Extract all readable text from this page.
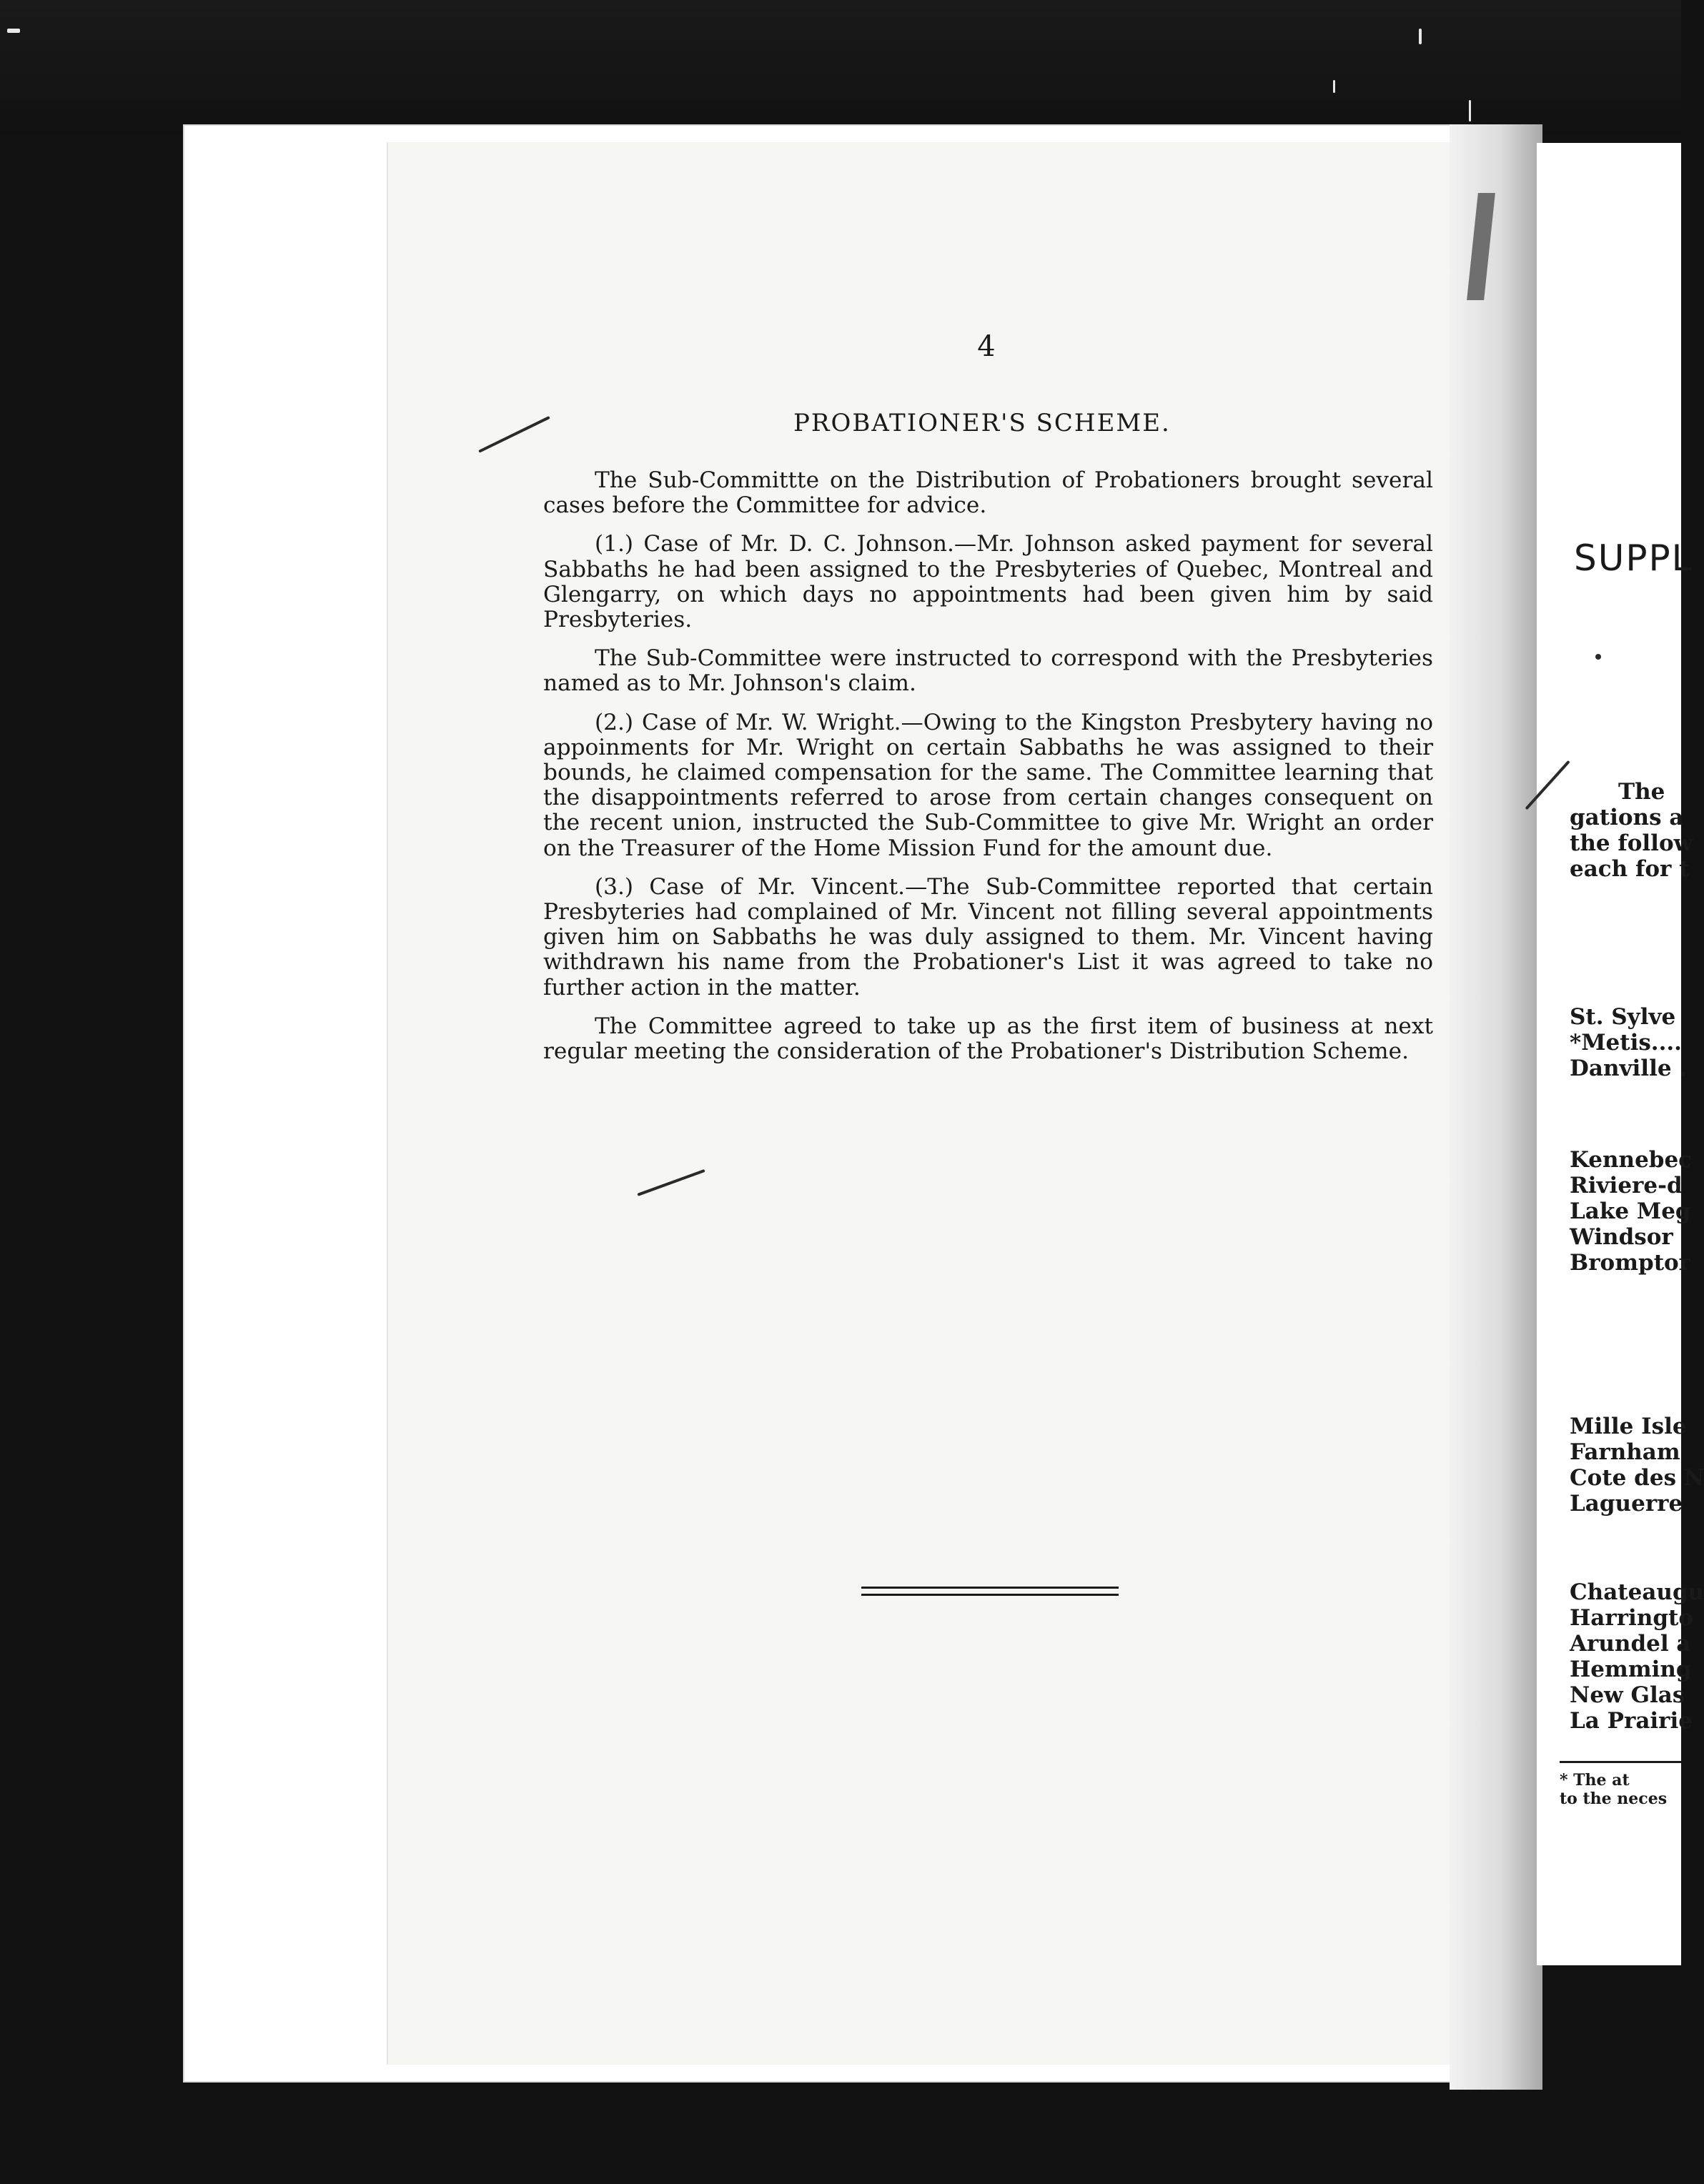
4
PROBATIONER'S SCHEME.

The Sub-Committte on the Distribution of Probationers brought several cases before the Committee for advice.

(1.) Case of Mr. D. C. Johnson.—Mr. Johnson asked payment for several Sabbaths he had been assigned to the Presbyteries of Quebec, Montreal and Glengarry, on which days no appointments had been given him by said Presbyteries.

The Sub-Committee were instructed to correspond with the Presbyteries named as to Mr. Johnson's claim.

(2.) Case of Mr. W. Wright.—Owing to the Kingston Presbytery having no appoinments for Mr. Wright on certain Sabbaths he was assigned to their bounds, he claimed compensation for the same. The Committee learning that the disappointments referred to arose from certain changes consequent on the recent union, instructed the Sub-Committee to give Mr. Wright an order on the Treasurer of the Home Mission Fund for the amount due.

(3.) Case of Mr. Vincent.—The Sub-Committee reported that certain Presbyteries had complained of Mr. Vincent not filling several appointments given him on Sabbaths he was duly assigned to them. Mr. Vincent having withdrawn his name from the Probationer's List it was agreed to take no further action in the matter.

The Committee agreed to take up as the first item of business at next regular meeting the consideration of the Probationer's Distribution Scheme.

SUPPL
The
gations a
the follow
each for t
St. Sylve
*Metis....
Danville .
Kennebec
Riviere-d
Lake Meg
Windsor
Bromptor
Mille Isle
Farnham
Cote des N
Laguerre
Chateaugu
Harringto
Arundel a
Hemming
New Glas
La Prairie
* The at
to the neces
